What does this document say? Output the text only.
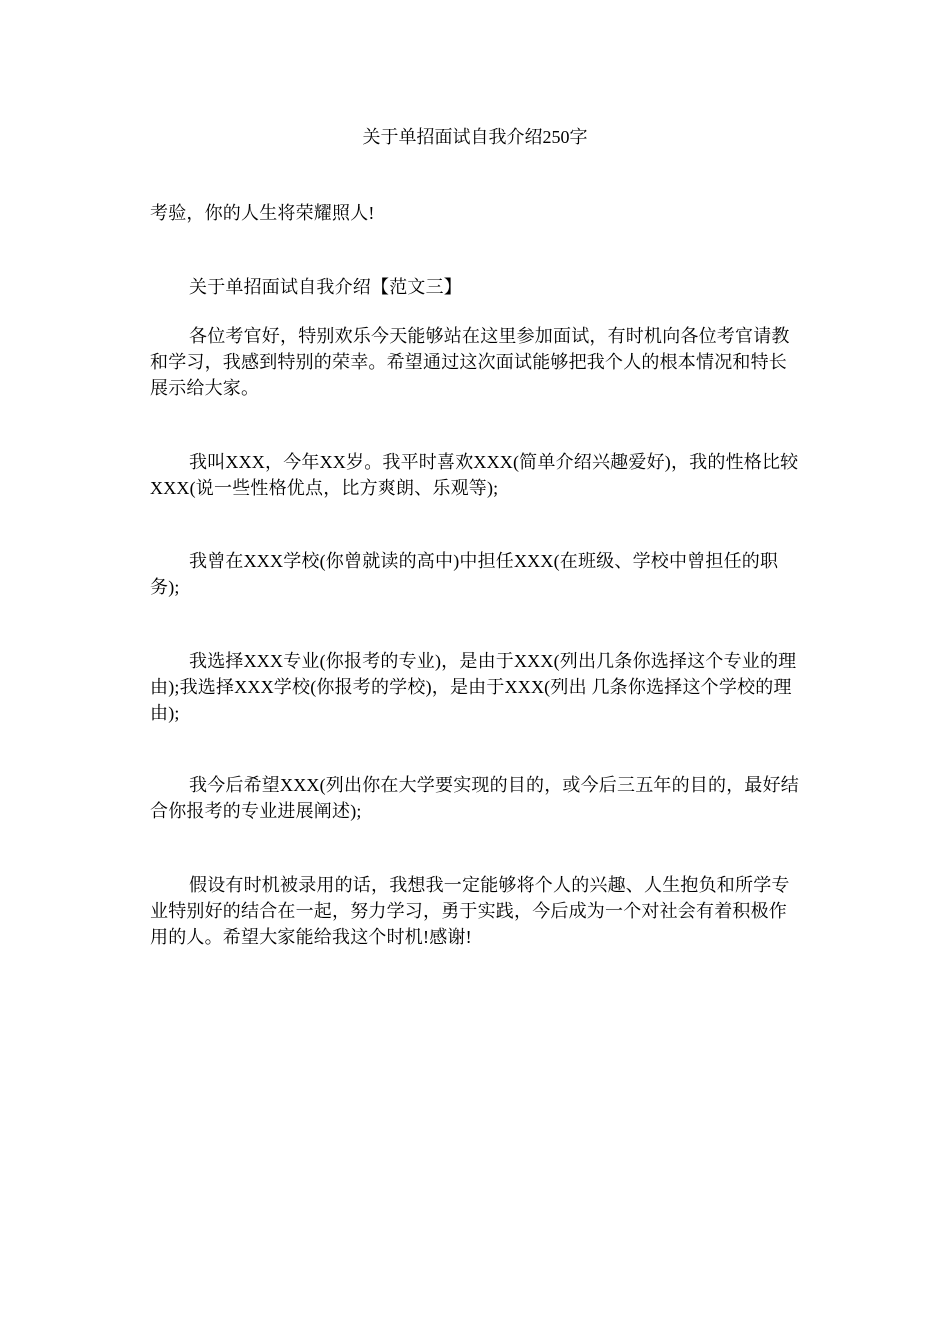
关于单招面试自我介绍250字

考验，你的人生将荣耀照人!

关于单招面试自我介绍【范文三】

各位考官好，特别欢乐今天能够站在这里参加面试，有时机向各位考官请教和学习，我感到特别的荣幸。希望通过这次面试能够把我个人的根本情况和特长展示给大家。

我叫XXX，今年XX岁。我平时喜欢XXX(简单介绍兴趣爱好)，我的性格比较XXX(说一些性格优点，比方爽朗、乐观等);

我曾在XXX学校(你曾就读的高中)中担任XXX(在班级、学校中曾担任的职务);

我选择XXX专业(你报考的专业)，是由于XXX(列出几条你选择这个专业的理由);我选择XXX学校(你报考的学校)，是由于XXX(列出 几条你选择这个学校的理由);

我今后希望XXX(列出你在大学要实现的目的，或今后三五年的目的，最好结合你报考的专业进展阐述);

假设有时机被录用的话，我想我一定能够将个人的兴趣、人生抱负和所学专业特别好的结合在一起，努力学习，勇于实践，今后成为一个对社会有着积极作用的人。希望大家能给我这个时机!感谢!
